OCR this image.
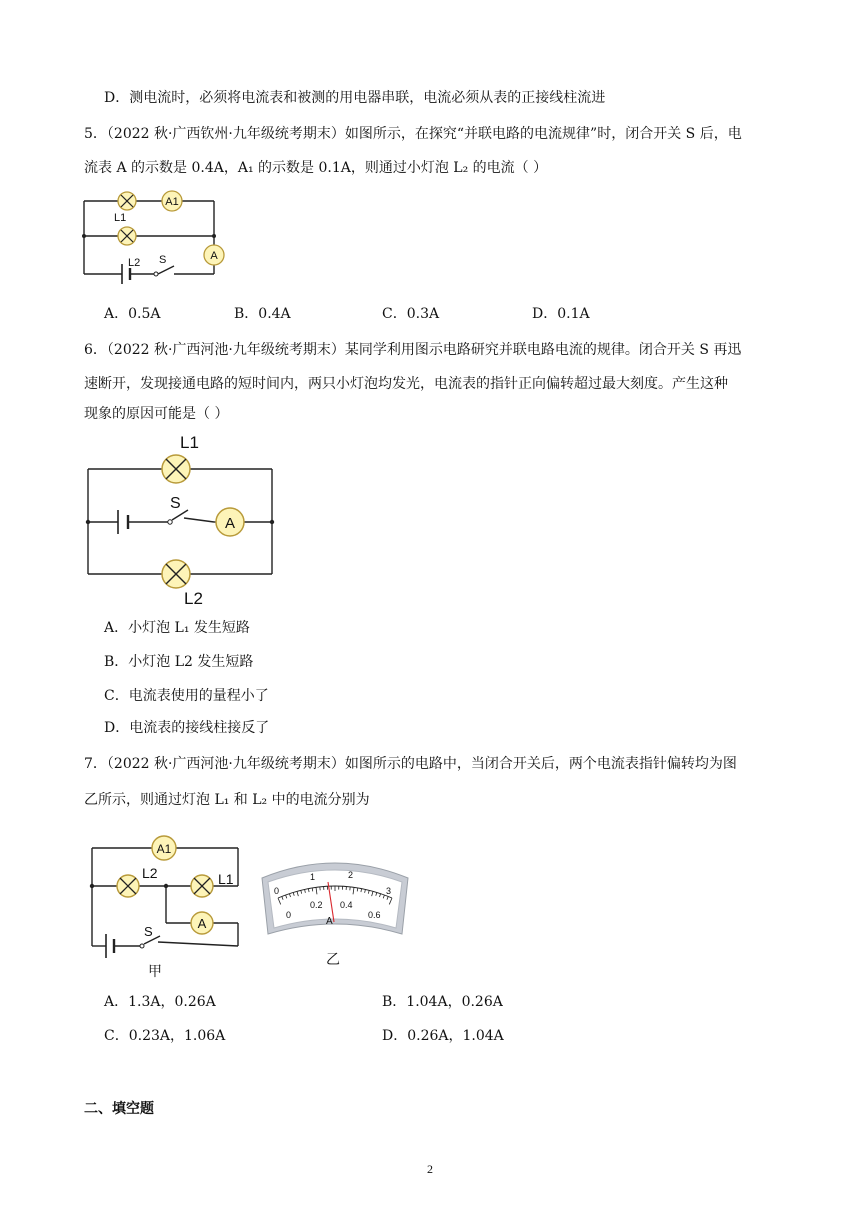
D．测电流时，必须将电流表和被测的用电器串联，电流必须从表的正接线柱流进
5．（2022 秋·广西钦州·九年级统考期末）如图所示，在探究“并联电路的电流规律”时，闭合开关 S 后，电
流表 A 的示数是 0.4A，A₁ 的示数是 0.1A，则通过小灯泡 L₂ 的电流（ ）
A1
A
L1
L2 S
A．0.5A	B．0.4A	C．0.3A	D．0.1A
6．（2022 秋·广西河池·九年级统考期末）某同学利用图示电路研究并联电路电流的规律。闭合开关 S 再迅
速断开，发现接通电路的短时间内，两只小灯泡均发光，电流表的指针正向偏转超过最大刻度。产生这种
现象的原因可能是（ ）
A
L1
L2
S
A．小灯泡 L₁ 发生短路
B．小灯泡 L2 发生短路
C．电流表使用的量程小了
D．电流表的接线柱接反了
7．（2022 秋·广西河池·九年级统考期末）如图所示的电路中，当闭合开关后，两个电流表指针偏转均为图
乙所示，则通过灯泡 L₁ 和 L₂ 中的电流分别为
A1
A
L2	L1
S
甲
0
1	2
3
0
0.2 0.4
0.6
A
乙
A．1.3A，0.26A	B．1.04A，0.26A
C．0.23A，1.06A	D．0.26A，1.04A
二、填空题
2
